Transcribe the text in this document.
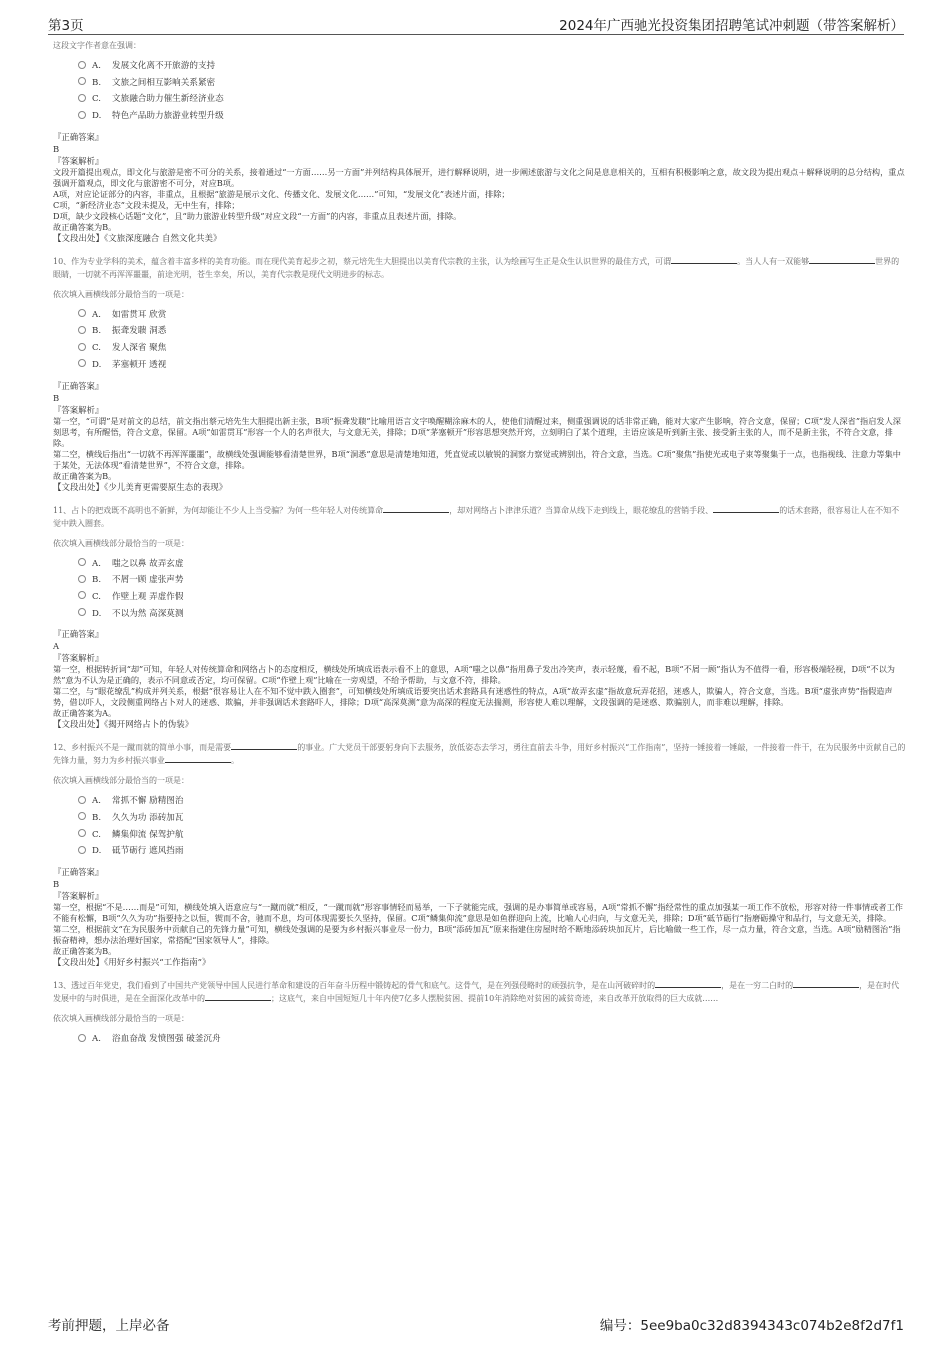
第3页	2024年广西驰光投资集团招聘笔试冲刺题（带答案解析）

这段文字作者意在强调：

A. 发展文化离不开旅游的支持
B. 文旅之间相互影响关系紧密
C. 文旅融合助力催生新经济业态
D. 特色产品助力旅游业转型升级

『正确答案』

B

『答案解析』

文段开篇提出观点，即文化与旅游是密不可分的关系，接着通过“一方面……另一方面”并列结构具体展开，进行解释说明，进一步阐述旅游与文化之间是息息相关的，互相有积极影响之意，故文段为提出观点＋解释说明的总分结构，重点强调开篇观点，即文化与旅游密不可分，对应B项。

A项，对应论证部分的内容，非重点，且根据“旅游是展示文化、传播文化、发展文化……”可知，“发展文化”表述片面，排除；

C项，“新经济业态”文段未提及，无中生有，排除；

D项，缺少文段核心话题“文化”，且“助力旅游业转型升级”对应文段“一方面”的内容，非重点且表述片面，排除。

故正确答案为B。

【文段出处】《文旅深度融合 自然文化共美》

10、作为专业学科的美术，蕴含着丰富多样的美育功能。而在现代美育起步之初，蔡元培先生大胆提出以美育代宗教的主张，认为绘画写生正是众生认识世界的最佳方式，可谓	。当人人有一双能够	世界的眼睛，一切就不再浑浑噩噩，前途光明，苍生幸矣，所以，美育代宗教是现代文明进步的标志。

依次填入画横线部分最恰当的一项是：

A. 如雷贯耳 欣赏
B. 振聋发聩 洞悉
C. 发人深省 聚焦
D. 茅塞顿开 透视

『正确答案』

B

『答案解析』

第一空，“可谓”是对前文的总结，前文指出蔡元培先生大胆提出新主张，B项“振聋发聩”比喻用语言文字唤醒糊涂麻木的人，使他们清醒过来，侧重强调说的话非常正确，能对大家产生影响，符合文意，保留；C项“发人深省”指启发人深刻思考，有所醒悟，符合文意，保留。A项“如雷贯耳”形容一个人的名声很大，与文意无关，排除；D项“茅塞顿开”形容思想突然开窍，立刻明白了某个道理，主语应该是听到新主张、接受新主张的人，而不是新主张，不符合文意，排除。

第二空，横线后指出“一切就不再浑浑噩噩”，故横线处强调能够看清楚世界，B项“洞悉”意思是清楚地知道，凭直觉或以敏锐的洞察力察觉或辨别出，符合文意，当选。C项“聚焦”指使光或电子束等聚集于一点，也指视线、注意力等集中于某处，无法体现“看清楚世界”，不符合文意，排除。

故正确答案为B。

【文段出处】《少儿美育更需要原生态的表现》

11、占卜的把戏既不高明也不新鲜，为何却能让不少人上当受骗？为何一些年轻人对传统算命	，却对网络占卜津津乐道？当算命从线下走到线上，眼花缭乱的营销手段、	的话术套路，很容易让人在不知不觉中跌入圈套。

依次填入画横线部分最恰当的一项是：

A. 嗤之以鼻 故弄玄虚
B. 不屑一顾 虚张声势
C. 作壁上观 弄虚作假
D. 不以为然 高深莫测

『正确答案』

A

『答案解析』

第一空，根据转折词“却”可知，年轻人对传统算命和网络占卜的态度相反，横线处所填成语表示看不上的意思，A项“嗤之以鼻”指用鼻子发出冷笑声，表示轻蔑，看不起，B项“不屑一顾”指认为不值得一看，形容极端轻视，D项“不以为然”意为不认为是正确的，表示不同意或否定，均可保留。C项“作壁上观”比喻在一旁观望，不给予帮助，与文意不符，排除。

第二空，与“眼花缭乱”构成并列关系，根据“很容易让人在不知不觉中跌入圈套”，可知横线处所填成语要突出话术套路具有迷惑性的特点，A项“故弄玄虚”指故意玩弄花招，迷惑人，欺骗人，符合文意，当选。B项“虚张声势”指假造声势，借以吓人，文段侧重网络占卜对人的迷惑、欺骗，并非强调话术套路吓人，排除；D项“高深莫测”意为高深的程度无法揣测，形容使人难以理解，文段强调的是迷惑、欺骗别人，而非难以理解，排除。

故正确答案为A。

【文段出处】《揭开网络占卜的伪装》

12、乡村振兴不是一蹴而就的简单小事，而是需要	的事业。广大党员干部要躬身向下去服务，放低姿态去学习，勇往直前去斗争，用好乡村振兴“工作指南”，坚持一锤接着一锤敲，一件接着一件干，在为民服务中贡献自己的先锋力量，努力为乡村振兴事业	。

依次填入画横线部分最恰当的一项是：

A. 常抓不懈 励精图治
B. 久久为功 添砖加瓦
C. 鳞集仰流 保驾护航
D. 砥节砺行 遮风挡雨

『正确答案』

B

『答案解析』

第一空，根据“不是……而是”可知，横线处填入语意应与“一蹴而就”相反，“一蹴而就”形容事情轻而易举，一下子就能完成，强调的是办事简单或容易，A项“常抓不懈”指经常性的重点加强某一项工作不放松，形容对待一件事情或者工作不能有松懈，B项“久久为功”指要持之以恒，锲而不舍，驰而不息，均可体现需要长久坚持，保留。C项“鳞集仰流”意思是如鱼群迎向上流，比喻人心归向，与文意无关，排除；D项“砥节砺行”指磨砺操守和品行，与文意无关，排除。

第二空，根据前文“在为民服务中贡献自己的先锋力量”可知，横线处强调的是要为乡村振兴事业尽一份力，B项“添砖加瓦”原来指建住房屋时给不断地添砖块加瓦片，后比喻做一些工作，尽一点力量，符合文意，当选。A项“励精图治”指振奋精神，想办法治理好国家，常搭配“国家领导人”，排除。

故正确答案为B。

【文段出处】《用好乡村振兴“工作指南”》

13、透过百年党史，我们看到了中国共产党领导中国人民进行革命和建设的百年奋斗历程中锻铸起的骨气和底气。这骨气，是在列强侵略时的顽强抗争，是在山河破碎时的	，是在一穷二白时的	，是在时代发展中的与时俱进，是在全面深化改革中的	；这底气，来自中国短短几十年内使7亿多人摆脱贫困、提前10年消除绝对贫困的减贫奇迹，来自改革开放取得的巨大成就……

依次填入画横线部分最恰当的一项是：

A. 浴血奋战 发愤图强 破釜沉舟
考前押题，上岸必备	编号：5ee9ba0c32d8394343c074b2e8f2d7f1
